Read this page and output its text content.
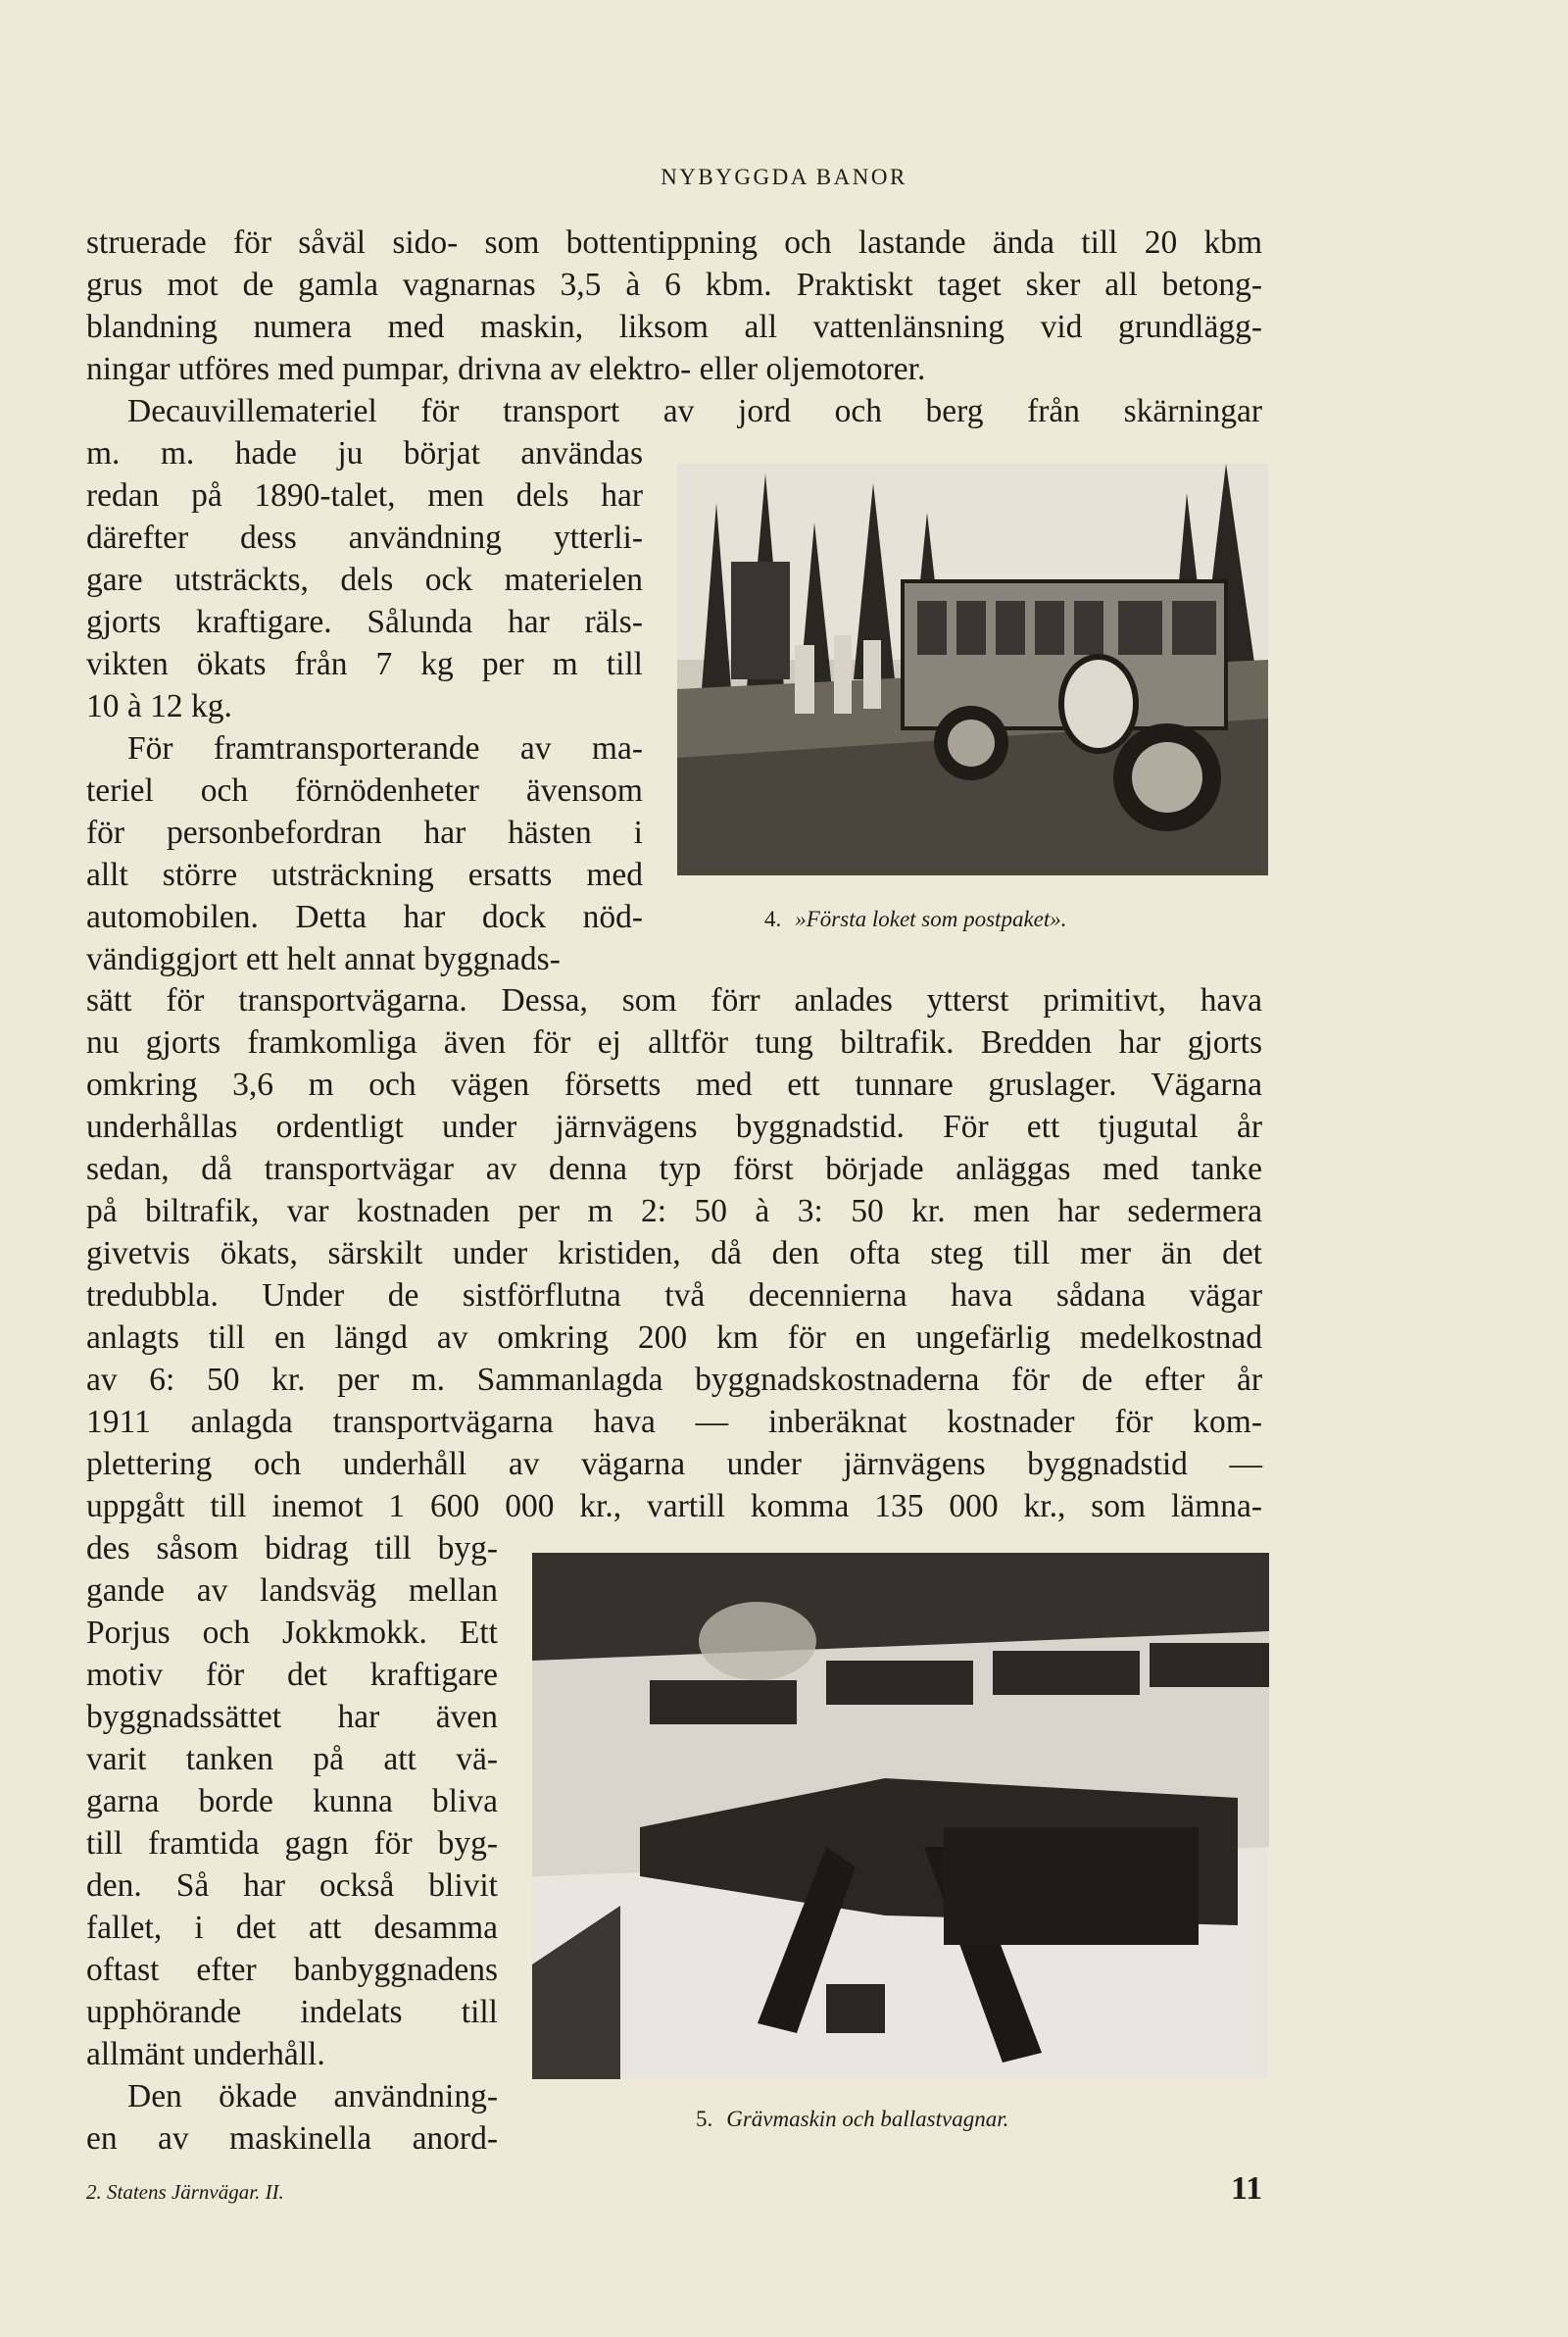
NYBYGGDA BANOR
struerade för såväl sido- som bottentippning och lastande ända till 20 kbm
grus mot de gamla vagnarnas 3,5 à 6 kbm. Praktiskt taget sker all betong-
blandning numera med maskin, liksom all vattenlänsning vid grundlägg-
ningar utföres med pumpar, drivna av elektro- eller oljemotorer.
Decauvillemateriel för transport av jord och berg från skärningar
m. m. hade ju börjat användas
redan på 1890-talet, men dels har
därefter dess användning ytterli-
gare utsträckts, dels ock materielen
gjorts kraftigare. Sålunda har räls-
vikten ökats från 7 kg per m till
10 à 12 kg.
För framtransporterande av ma-
teriel och förnödenheter ävensom
för personbefordran har hästen i
allt större utsträckning ersatts med
automobilen. Detta har dock nöd-
vändiggjort ett helt annat byggnads-
4. »Första loket som postpaket».
sätt för transportvägarna. Dessa, som förr anlades ytterst primitivt, hava
nu gjorts framkomliga även för ej alltför tung biltrafik. Bredden har gjorts
omkring 3,6 m och vägen försetts med ett tunnare gruslager. Vägarna
underhållas ordentligt under järnvägens byggnadstid. För ett tjugutal år
sedan, då transportvägar av denna typ först började anläggas med tanke
på biltrafik, var kostnaden per m 2: 50 à 3: 50 kr. men har sedermera
givetvis ökats, särskilt under kristiden, då den ofta steg till mer än det
tredubbla. Under de sistförflutna två decennierna hava sådana vägar
anlagts till en längd av omkring 200 km för en ungefärlig medelkostnad
av 6: 50 kr. per m. Sammanlagda byggnadskostnaderna för de efter år
1911 anlagda transportvägarna hava — inberäknat kostnader för kom-
plettering och underhåll av vägarna under järnvägens byggnadstid —
uppgått till inemot 1 600 000 kr., vartill komma 135 000 kr., som lämna-
des såsom bidrag till byg-
gande av landsväg mellan
Porjus och Jokkmokk. Ett
motiv för det kraftigare
byggnadssättet har även
varit tanken på att vä-
garna borde kunna bliva
till framtida gagn för byg-
den. Så har också blivit
fallet, i det att desamma
oftast efter banbyggnadens
upphörande indelats till
allmänt underhåll.
Den ökade användning-
en av maskinella anord-
5. Grävmaskin och ballastvagnar.
2. Statens Järnvägar. II.	11
